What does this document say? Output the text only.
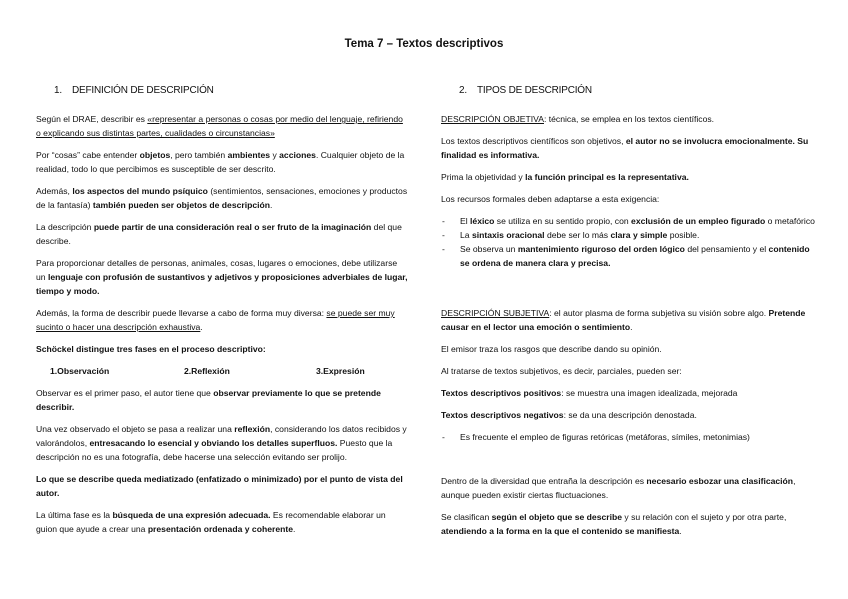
Tema 7 – Textos descriptivos
1. DEFINICIÓN DE DESCRIPCIÓN

Según el DRAE, describir es «representar a personas o cosas por medio del lenguaje, refiriendo o explicando sus distintas partes, cualidades o circunstancias»

Por “cosas” cabe entender objetos, pero también ambientes y acciones. Cualquier objeto de la realidad, todo lo que percibimos es susceptible de ser descrito.

Además, los aspectos del mundo psíquico (sentimientos, sensaciones, emociones y productos de la fantasía) también pueden ser objetos de descripción.

La descripción puede partir de una consideración real o ser fruto de la imaginación del que describe.

Para proporcionar detalles de personas, animales, cosas, lugares o emociones, debe utilizarse un lenguaje con profusión de sustantivos y adjetivos y proposiciones adverbiales de lugar, tiempo y modo.

Además, la forma de describir puede llevarse a cabo de forma muy diversa: se puede ser muy sucinto o hacer una descripción exhaustiva.

Schöckel distingue tres fases en el proceso descriptivo:

1.Observación	2.Reflexión	3.Expresión

Observar es el primer paso, el autor tiene que observar previamente lo que se pretende describir.

Una vez observado el objeto se pasa a realizar una reflexión, considerando los datos recibidos y valorándolos, entresacando lo esencial y obviando los detalles superfluos. Puesto que la descripción no es una fotografía, debe hacerse una selección evitando ser prolijo.

Lo que se describe queda mediatizado (enfatizado o minimizado) por el punto de vista del autor.

La última fase es la búsqueda de una expresión adecuada. Es recomendable elaborar un guion que ayude a crear una presentación ordenada y coherente.

2. TIPOS DE DESCRIPCIÓN

DESCRIPCIÓN OBJETIVA: técnica, se emplea en los textos científicos.

Los textos descriptivos científicos son objetivos, el autor no se involucra emocionalmente. Su finalidad es informativa.

Prima la objetividad y la función principal es la representativa.

Los recursos formales deben adaptarse a esta exigencia:

- El léxico se utiliza en su sentido propio, con exclusión de un empleo figurado o metafórico
- La sintaxis oracional debe ser lo más clara y simple posible.
- Se observa un mantenimiento riguroso del orden lógico del pensamiento y el contenido se ordena de manera clara y precisa.

DESCRIPCIÓN SUBJETIVA: el autor plasma de forma subjetiva su visión sobre algo. Pretende causar en el lector una emoción o sentimiento.

El emisor traza los rasgos que describe dando su opinión.

Al tratarse de textos subjetivos, es decir, parciales, pueden ser:

Textos descriptivos positivos: se muestra una imagen idealizada, mejorada

Textos descriptivos negativos: se da una descripción denostada.

- Es frecuente el empleo de figuras retóricas (metáforas, símiles, metonimias)

Dentro de la diversidad que entraña la descripción es necesario esbozar una clasificación, aunque pueden existir ciertas fluctuaciones.

Se clasifican según el objeto que se describe y su relación con el sujeto y por otra parte, atendiendo a la forma en la que el contenido se manifiesta.
